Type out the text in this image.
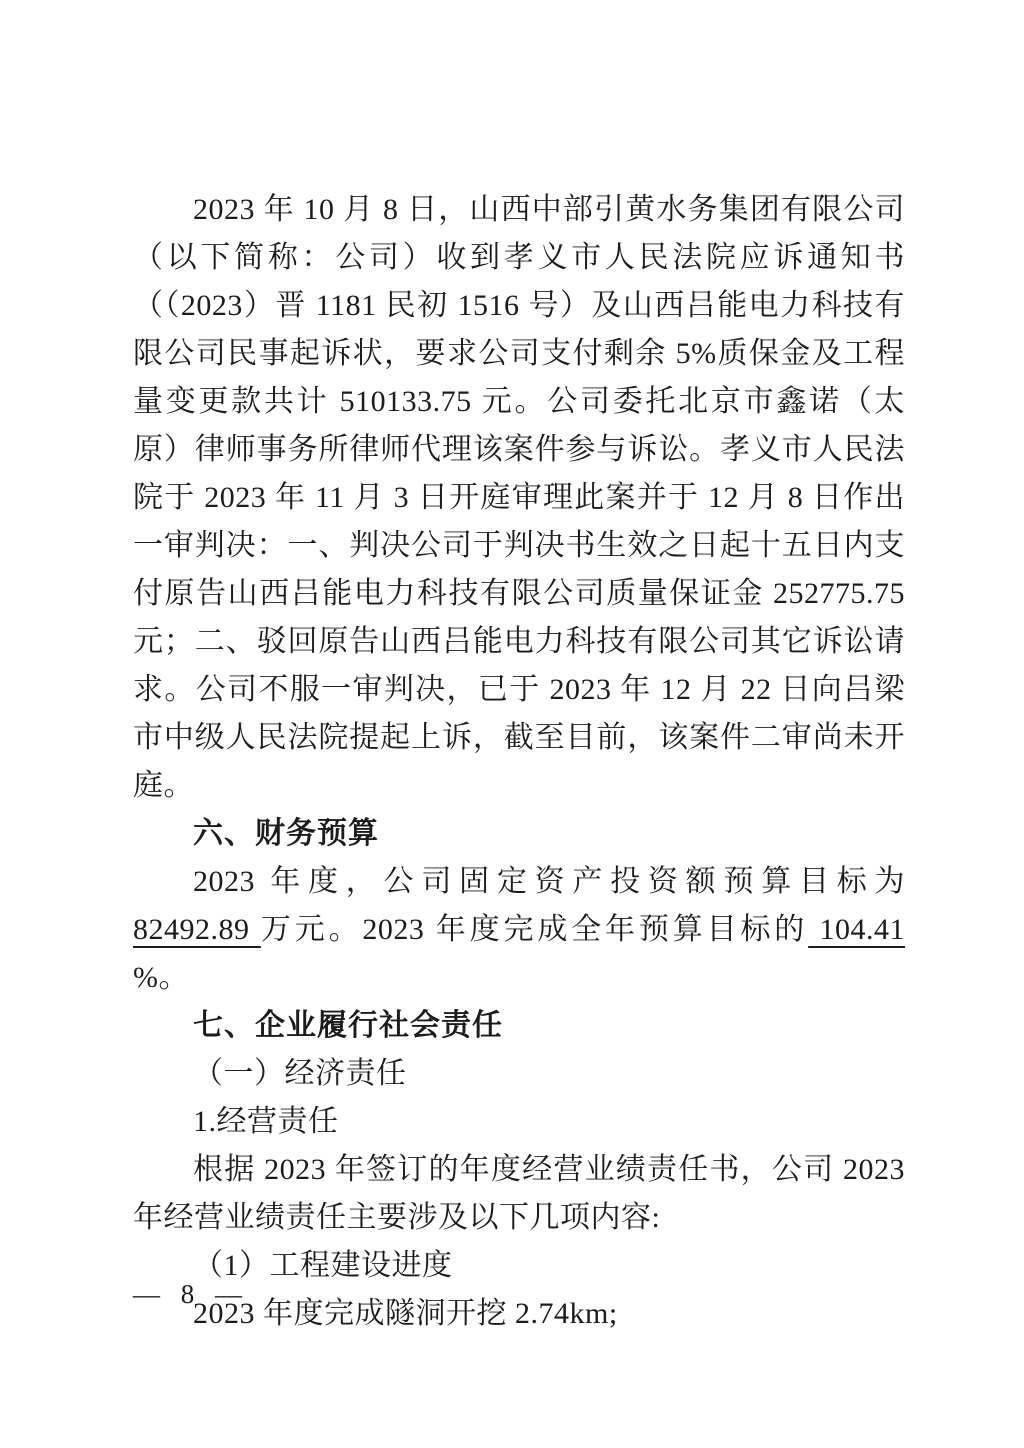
2023 年 10 月 8 日，山西中部引黄水务集团有限公司（以下简称：公司）收到孝义市人民法院应诉通知书（（2023）晋 1181 民初 1516 号）及山西吕能电力科技有限公司民事起诉状，要求公司支付剩余 5%质保金及工程量变更款共计 510133.75 元。公司委托北京市鑫诺（太原）律师事务所律师代理该案件参与诉讼。孝义市人民法院于 2023 年 11 月 3 日开庭审理此案并于 12 月 8 日作出一审判决：一、判决公司于判决书生效之日起十五日内支付原告山西吕能电力科技有限公司质量保证金 252775.75 元；二、驳回原告山西吕能电力科技有限公司其它诉讼请求。公司不服一审判决，已于 2023 年 12 月 22 日向吕梁市中级人民法院提起上诉，截至目前，该案件二审尚未开庭。

六、财务预算

2023 年度，公司固定资产投资额预算目标为 82492.89 万元。2023 年度完成全年预算目标的 104.41 %。

七、企业履行社会责任

（一）经济责任

1.经营责任

根据 2023 年签订的年度经营业绩责任书，公司 2023 年经营业绩责任主要涉及以下几项内容:

（1）工程建设进度

2023 年度完成隧洞开挖 2.74km;

— 8 —
